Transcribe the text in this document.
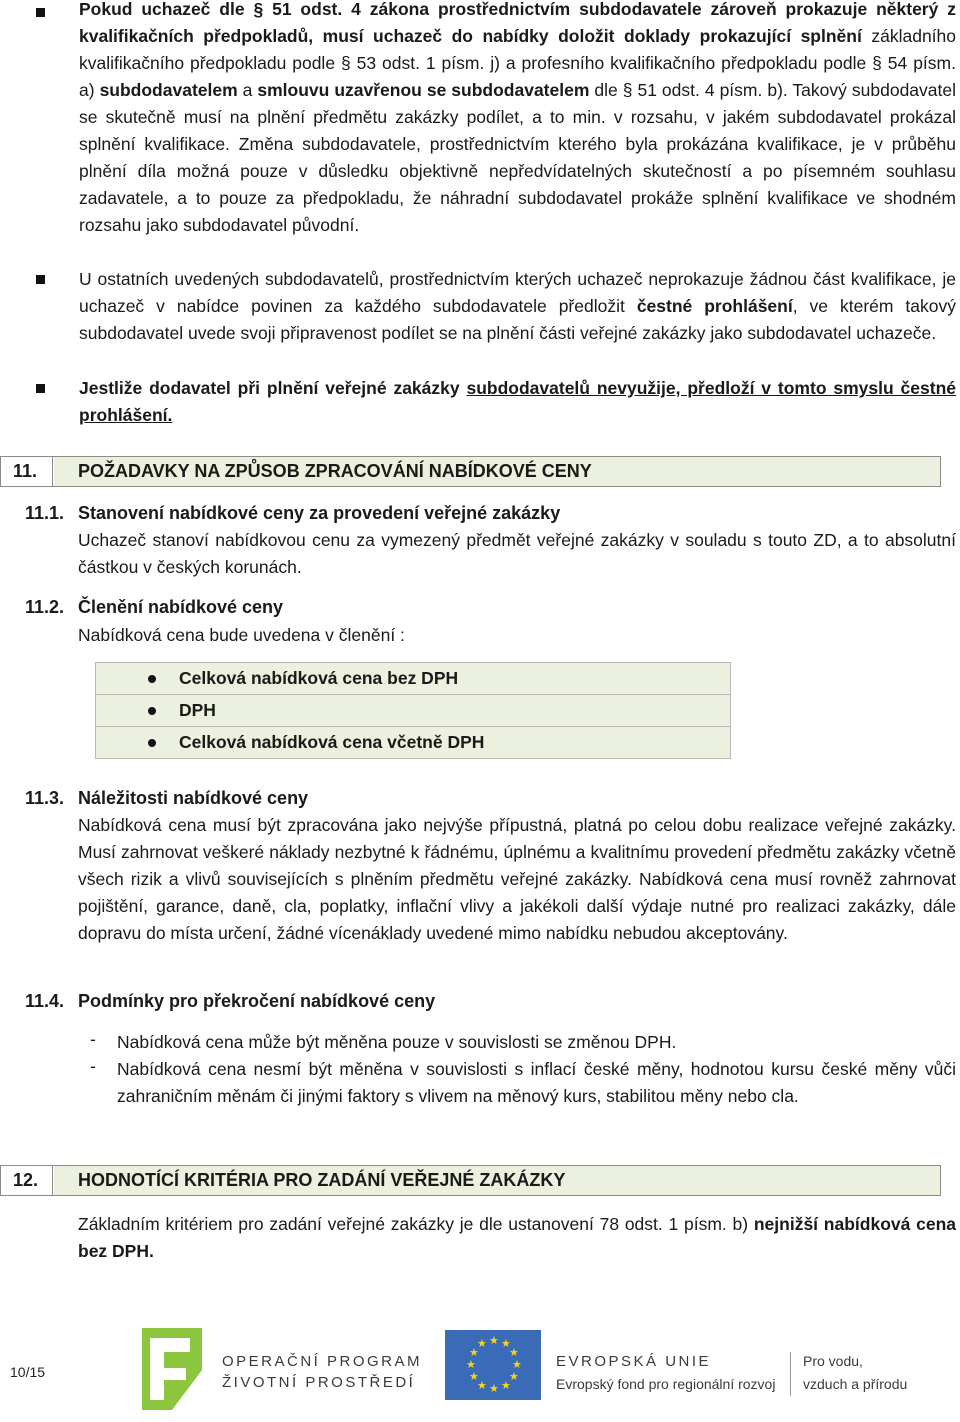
Pokud uchazeč dle § 51 odst. 4 zákona prostřednictvím subdodavatele zároveň prokazuje některý z kvalifikačních předpokladů, musí uchazeč do nabídky doložit doklady prokazující splnění základního kvalifikačního předpokladu podle § 53 odst. 1 písm. j) a profesního kvalifikačního předpokladu podle § 54 písm. a) subdodavatelem a smlouvu uzavřenou se subdodavatelem dle § 51 odst. 4 písm. b). Takový subdodavatel se skutečně musí na plnění předmětu zakázky podílet, a to min. v rozsahu, v jakém subdodavatel prokázal splnění kvalifikace. Změna subdodavatele, prostřednictvím kterého byla prokázána kvalifikace, je v průběhu plnění díla možná pouze v důsledku objektivně nepředvídatelných skutečností a po písemném souhlasu zadavatele, a to pouze za předpokladu, že náhradní subdodavatel prokáže splnění kvalifikace ve shodném rozsahu jako subdodavatel původní.
U ostatních uvedených subdodavatelů, prostřednictvím kterých uchazeč neprokazuje žádnou část kvalifikace, je uchazeč v nabídce povinen za každého subdodavatele předložit čestné prohlášení, ve kterém takový subdodavatel uvede svoji připravenost podílet se na plnění části veřejné zakázky jako subdodavatel uchazeče.
Jestliže dodavatel při plnění veřejné zakázky subdodavatelů nevyužije, předloží v tomto smyslu čestné prohlášení.
11.	POŽADAVKY NA ZPŮSOB ZPRACOVÁNÍ NABÍDKOVÉ CENY
11.1. Stanovení nabídkové ceny za provedení veřejné zakázky
Uchazeč stanoví nabídkovou cenu za vymezený předmět veřejné zakázky v souladu s touto ZD, a to absolutní částkou v českých korunách.
11.2. Členění nabídkové ceny
Nabídková cena bude uvedena v členění :
Celková nabídková cena bez DPH
DPH
Celková nabídková cena včetně DPH
11.3. Náležitosti nabídkové ceny
Nabídková cena musí být zpracována jako nejvýše přípustná, platná po celou dobu realizace veřejné zakázky. Musí zahrnovat veškeré náklady nezbytné k řádnému, úplnému a kvalitnímu provedení předmětu zakázky včetně všech rizik a vlivů souvisejících s plněním předmětu veřejné zakázky. Nabídková cena musí rovněž zahrnovat pojištění, garance, daně, cla, poplatky, inflační vlivy a jakékoli další výdaje nutné pro realizaci zakázky, dále dopravu do místa určení, žádné vícenáklady uvedené mimo nabídku nebudou akceptovány.
11.4. Podmínky pro překročení nabídkové ceny
- Nabídková cena může být měněna pouze v souvislosti se změnou DPH.
- Nabídková cena nesmí být měněna v souvislosti s inflací české měny, hodnotou kursu české měny vůči zahraničním měnám či jinými faktory s vlivem na měnový kurs, stabilitou měny nebo cla.
12.	HODNOTÍCÍ KRITÉRIA PRO ZADÁNÍ VEŘEJNÉ ZAKÁZKY
Základním kritériem pro zadání veřejné zakázky je dle ustanovení 78 odst. 1 písm. b) nejnižší nabídková cena bez DPH.
10/15
OPERAČNÍ PROGRAM
ŽIVOTNÍ PROSTŘEDÍ
★ ★
★
★
★
★
★
★
★
★
★
★
EVROPSKÁ UNIE
Evropský fond pro regionální rozvoj
Pro vodu,
vzduch a přírodu
